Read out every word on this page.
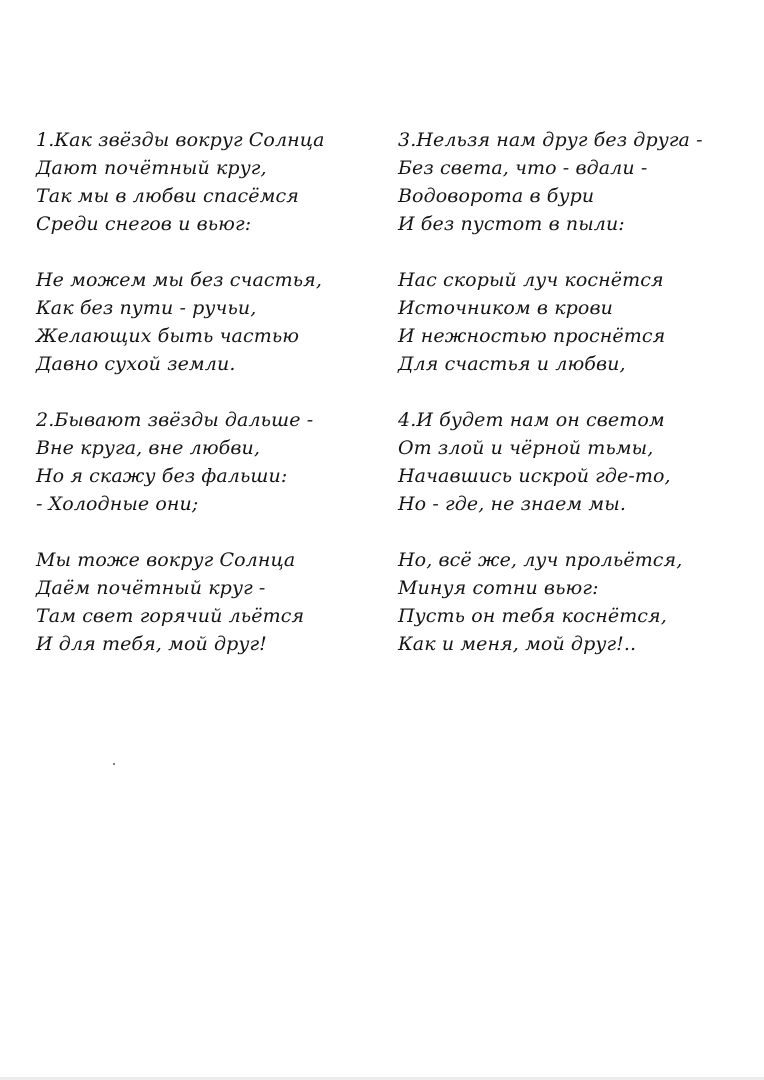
1.Как звёзды вокруг Солнца
Дают почётный круг,
Так мы в любви спасёмся
Среди снегов и вьюг:
Не можем мы без счастья,
Как без пути - ручьи,
Желающих быть частью
Давно сухой земли.
2.Бывают звёзды дальше -
Вне круга, вне любви,
Но я скажу без фальши:
- Холодные они;
Мы тоже вокруг Солнца
Даём почётный круг -
Там свет горячий льётся
И для тебя, мой друг!
3.Нельзя нам друг без друга -
Без света, что - вдали -
Водоворота в бури
И без пустот в пыли:
Нас скорый луч коснётся
Источником в крови
И нежностью проснётся
Для счастья и любви,
4.И будет нам он светом
От злой и чёрной тьмы,
Начавшись искрой где-то,
Но - где, не знаем мы.
Но, всё же, луч прольётся,
Минуя сотни вьюг:
Пусть он тебя коснётся,
Как и меня, мой друг!..
